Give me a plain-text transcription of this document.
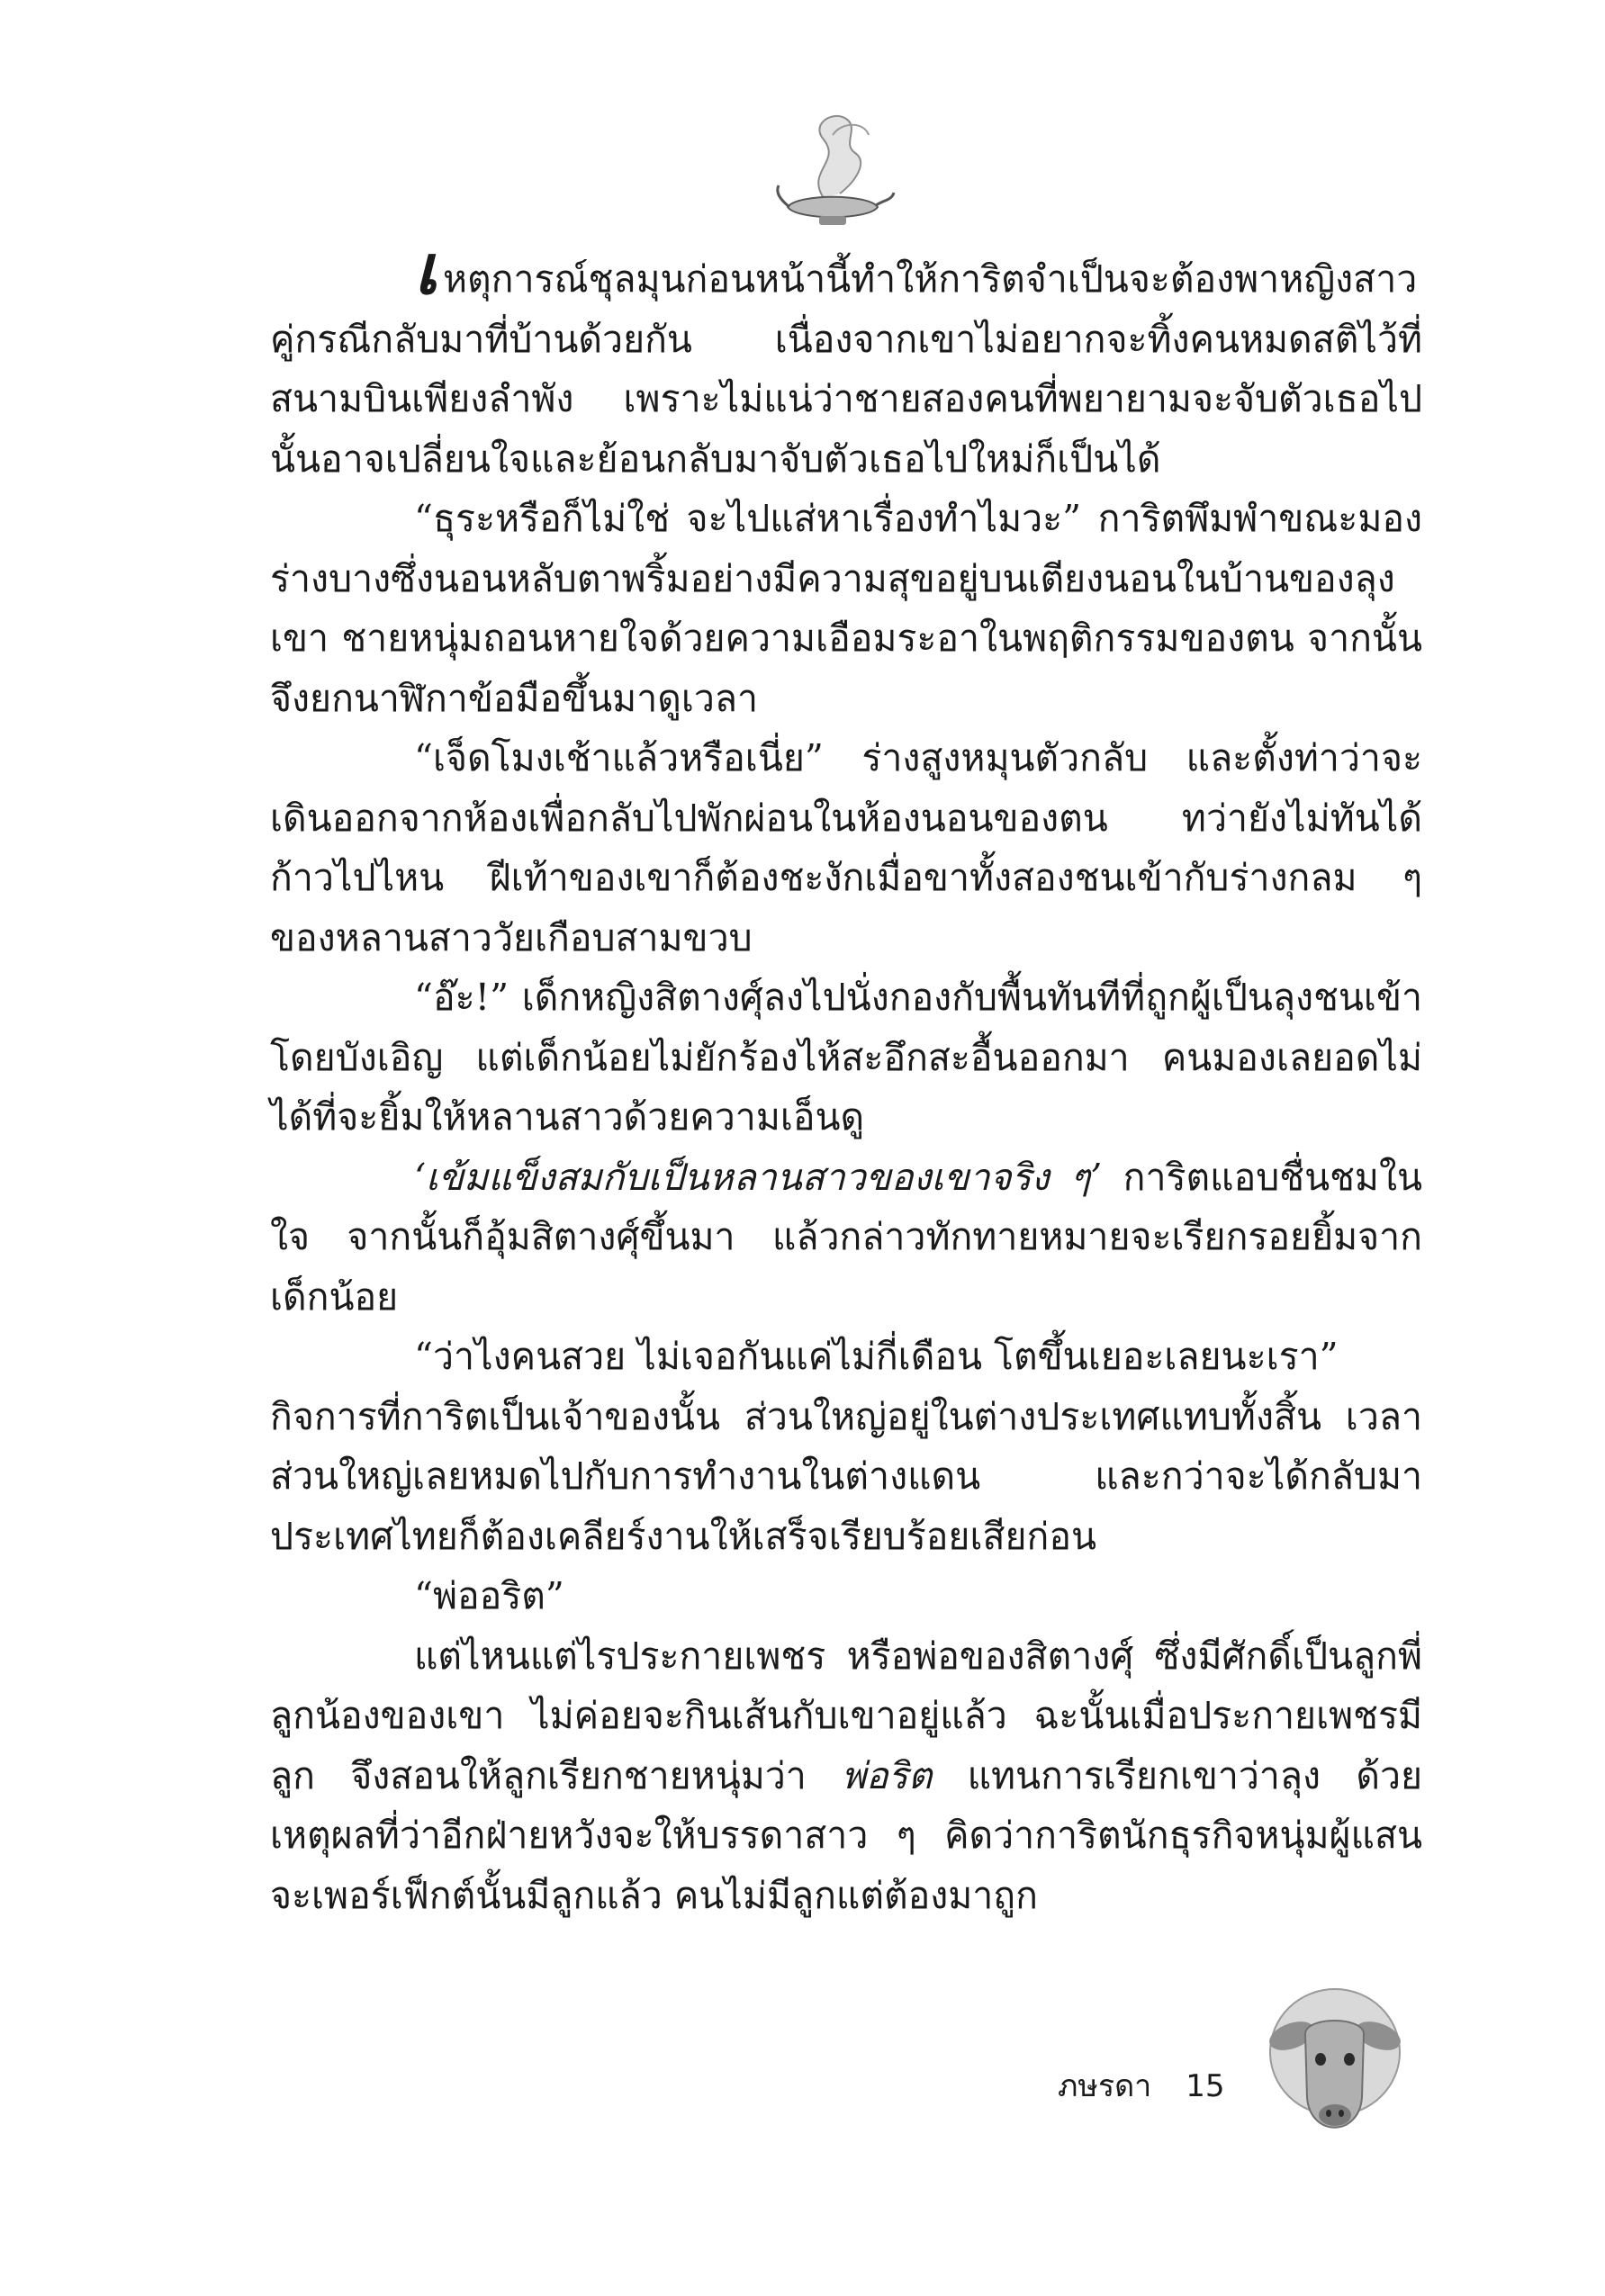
เหตุการณ์ชุลมุนก่อนหน้านี้ทำให้การิตจำเป็นจะต้องพาหญิงสาวคู่กรณีกลับมาที่บ้านด้วยกัน เนื่องจากเขาไม่อยากจะทิ้งคนหมดสติไว้ที่สนามบินเพียงลำพัง เพราะไม่แน่ว่าชายสองคนที่พยายามจะจับตัวเธอไปนั้นอาจเปลี่ยนใจและย้อนกลับมาจับตัวเธอไปใหม่ก็เป็นได้

“ธุระหรือก็ไม่ใช่ จะไปแส่หาเรื่องทำไมวะ” การิตพึมพำขณะมองร่างบางซึ่งนอนหลับตาพริ้มอย่างมีความสุขอยู่บนเตียงนอนในบ้านของลุงเขา ชายหนุ่มถอนหายใจด้วยความเอือมระอาในพฤติกรรมของตน จากนั้นจึงยกนาฬิกาข้อมือขึ้นมาดูเวลา

“เจ็ดโมงเช้าแล้วหรือเนี่ย” ร่างสูงหมุนตัวกลับ และตั้งท่าว่าจะเดินออกจากห้องเพื่อกลับไปพักผ่อนในห้องนอนของตน ทว่ายังไม่ทันได้ก้าวไปไหน ฝีเท้าของเขาก็ต้องชะงักเมื่อขาทั้งสองชนเข้ากับร่างกลม ๆ ของหลานสาววัยเกือบสามขวบ

“อ๊ะ!” เด็กหญิงสิตางศุ์ลงไปนั่งกองกับพื้นทันทีที่ถูกผู้เป็นลุงชนเข้าโดยบังเอิญ แต่เด็กน้อยไม่ยักร้องไห้สะอึกสะอื้นออกมา คนมองเลยอดไม่ได้ที่จะยิ้มให้หลานสาวด้วยความเอ็นดู

‘เข้มแข็งสมกับเป็นหลานสาวของเขาจริง ๆ’ การิตแอบชื่นชมในใจ จากนั้นก็อุ้มสิตางศุ์ขึ้นมา แล้วกล่าวทักทายหมายจะเรียกรอยยิ้มจากเด็กน้อย

“ว่าไงคนสวย ไม่เจอกันแค่ไม่กี่เดือน โตขึ้นเยอะเลยนะเรา”

กิจการที่การิตเป็นเจ้าของนั้น ส่วนใหญ่อยู่ในต่างประเทศแทบทั้งสิ้น เวลาส่วนใหญ่เลยหมดไปกับการทำงานในต่างแดน และกว่าจะได้กลับมาประเทศไทยก็ต้องเคลียร์งานให้เสร็จเรียบร้อยเสียก่อน

“พ่ออริต”

แต่ไหนแต่ไรประกายเพชร หรือพ่อของสิตางศุ์ ซึ่งมีศักดิ์เป็นลูกพี่ลูกน้องของเขา ไม่ค่อยจะกินเส้นกับเขาอยู่แล้ว ฉะนั้นเมื่อประกายเพชรมีลูก จึงสอนให้ลูกเรียกชายหนุ่มว่า พ่อริต แทนการเรียกเขาว่าลุง ด้วยเหตุผลที่ว่าอีกฝ่ายหวังจะให้บรรดาสาว ๆ คิดว่าการิตนักธุรกิจหนุ่มผู้แสนจะเพอร์เฟ็กต์นั้นมีลูกแล้ว คนไม่มีลูกแต่ต้องมาถูก

ภษรดา 15
